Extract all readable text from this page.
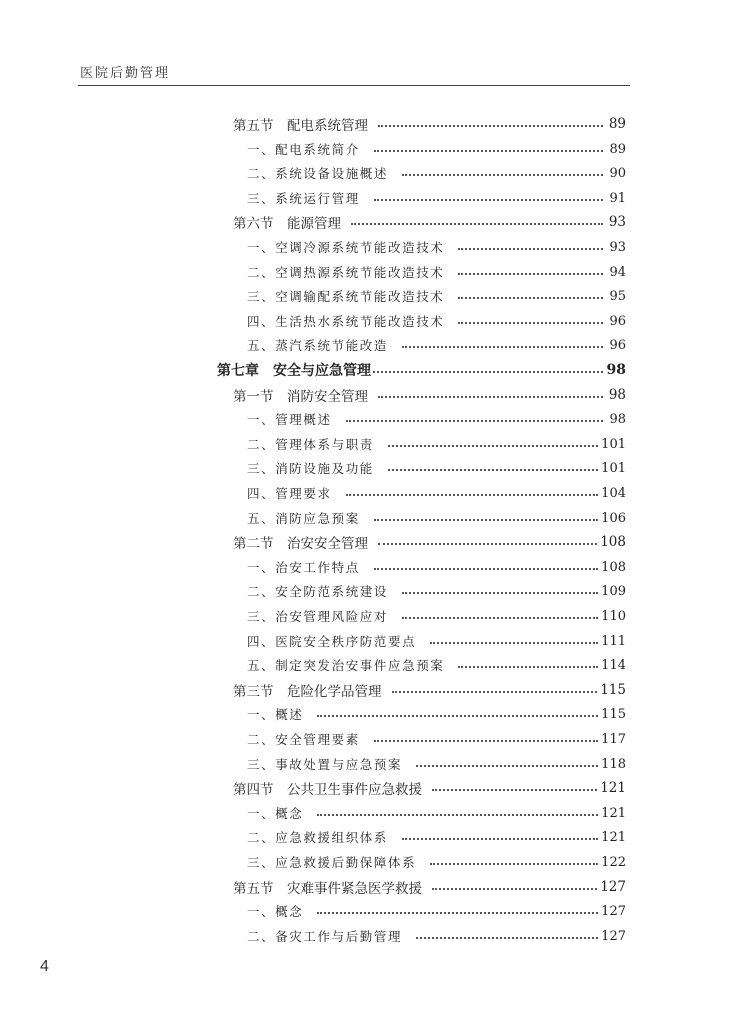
医院后勤管理
第五节　配电系统管理	89
一、配电系统简介	89
二、系统设备设施概述	90
三、系统运行管理	91
第六节　能源管理	93
一、空调冷源系统节能改造技术	93
二、空调热源系统节能改造技术	94
三、空调输配系统节能改造技术	95
四、生活热水系统节能改造技术	96
五、蒸汽系统节能改造	96
第七章　安全与应急管理	98
第一节　消防安全管理	98
一、管理概述	98
二、管理体系与职责	101
三、消防设施及功能	101
四、管理要求	104
五、消防应急预案	106
第二节　治安安全管理	108
一、治安工作特点	108
二、安全防范系统建设	109
三、治安管理风险应对	110
四、医院安全秩序防范要点	111
五、制定突发治安事件应急预案	114
第三节　危险化学品管理	115
一、概述	115
二、安全管理要素	117
三、事故处置与应急预案	118
第四节　公共卫生事件应急救援	121
一、概念	121
二、应急救援组织体系	121
三、应急救援后勤保障体系	122
第五节　灾难事件紧急医学救援	127
一、概念	127
二、备灾工作与后勤管理	127
4
